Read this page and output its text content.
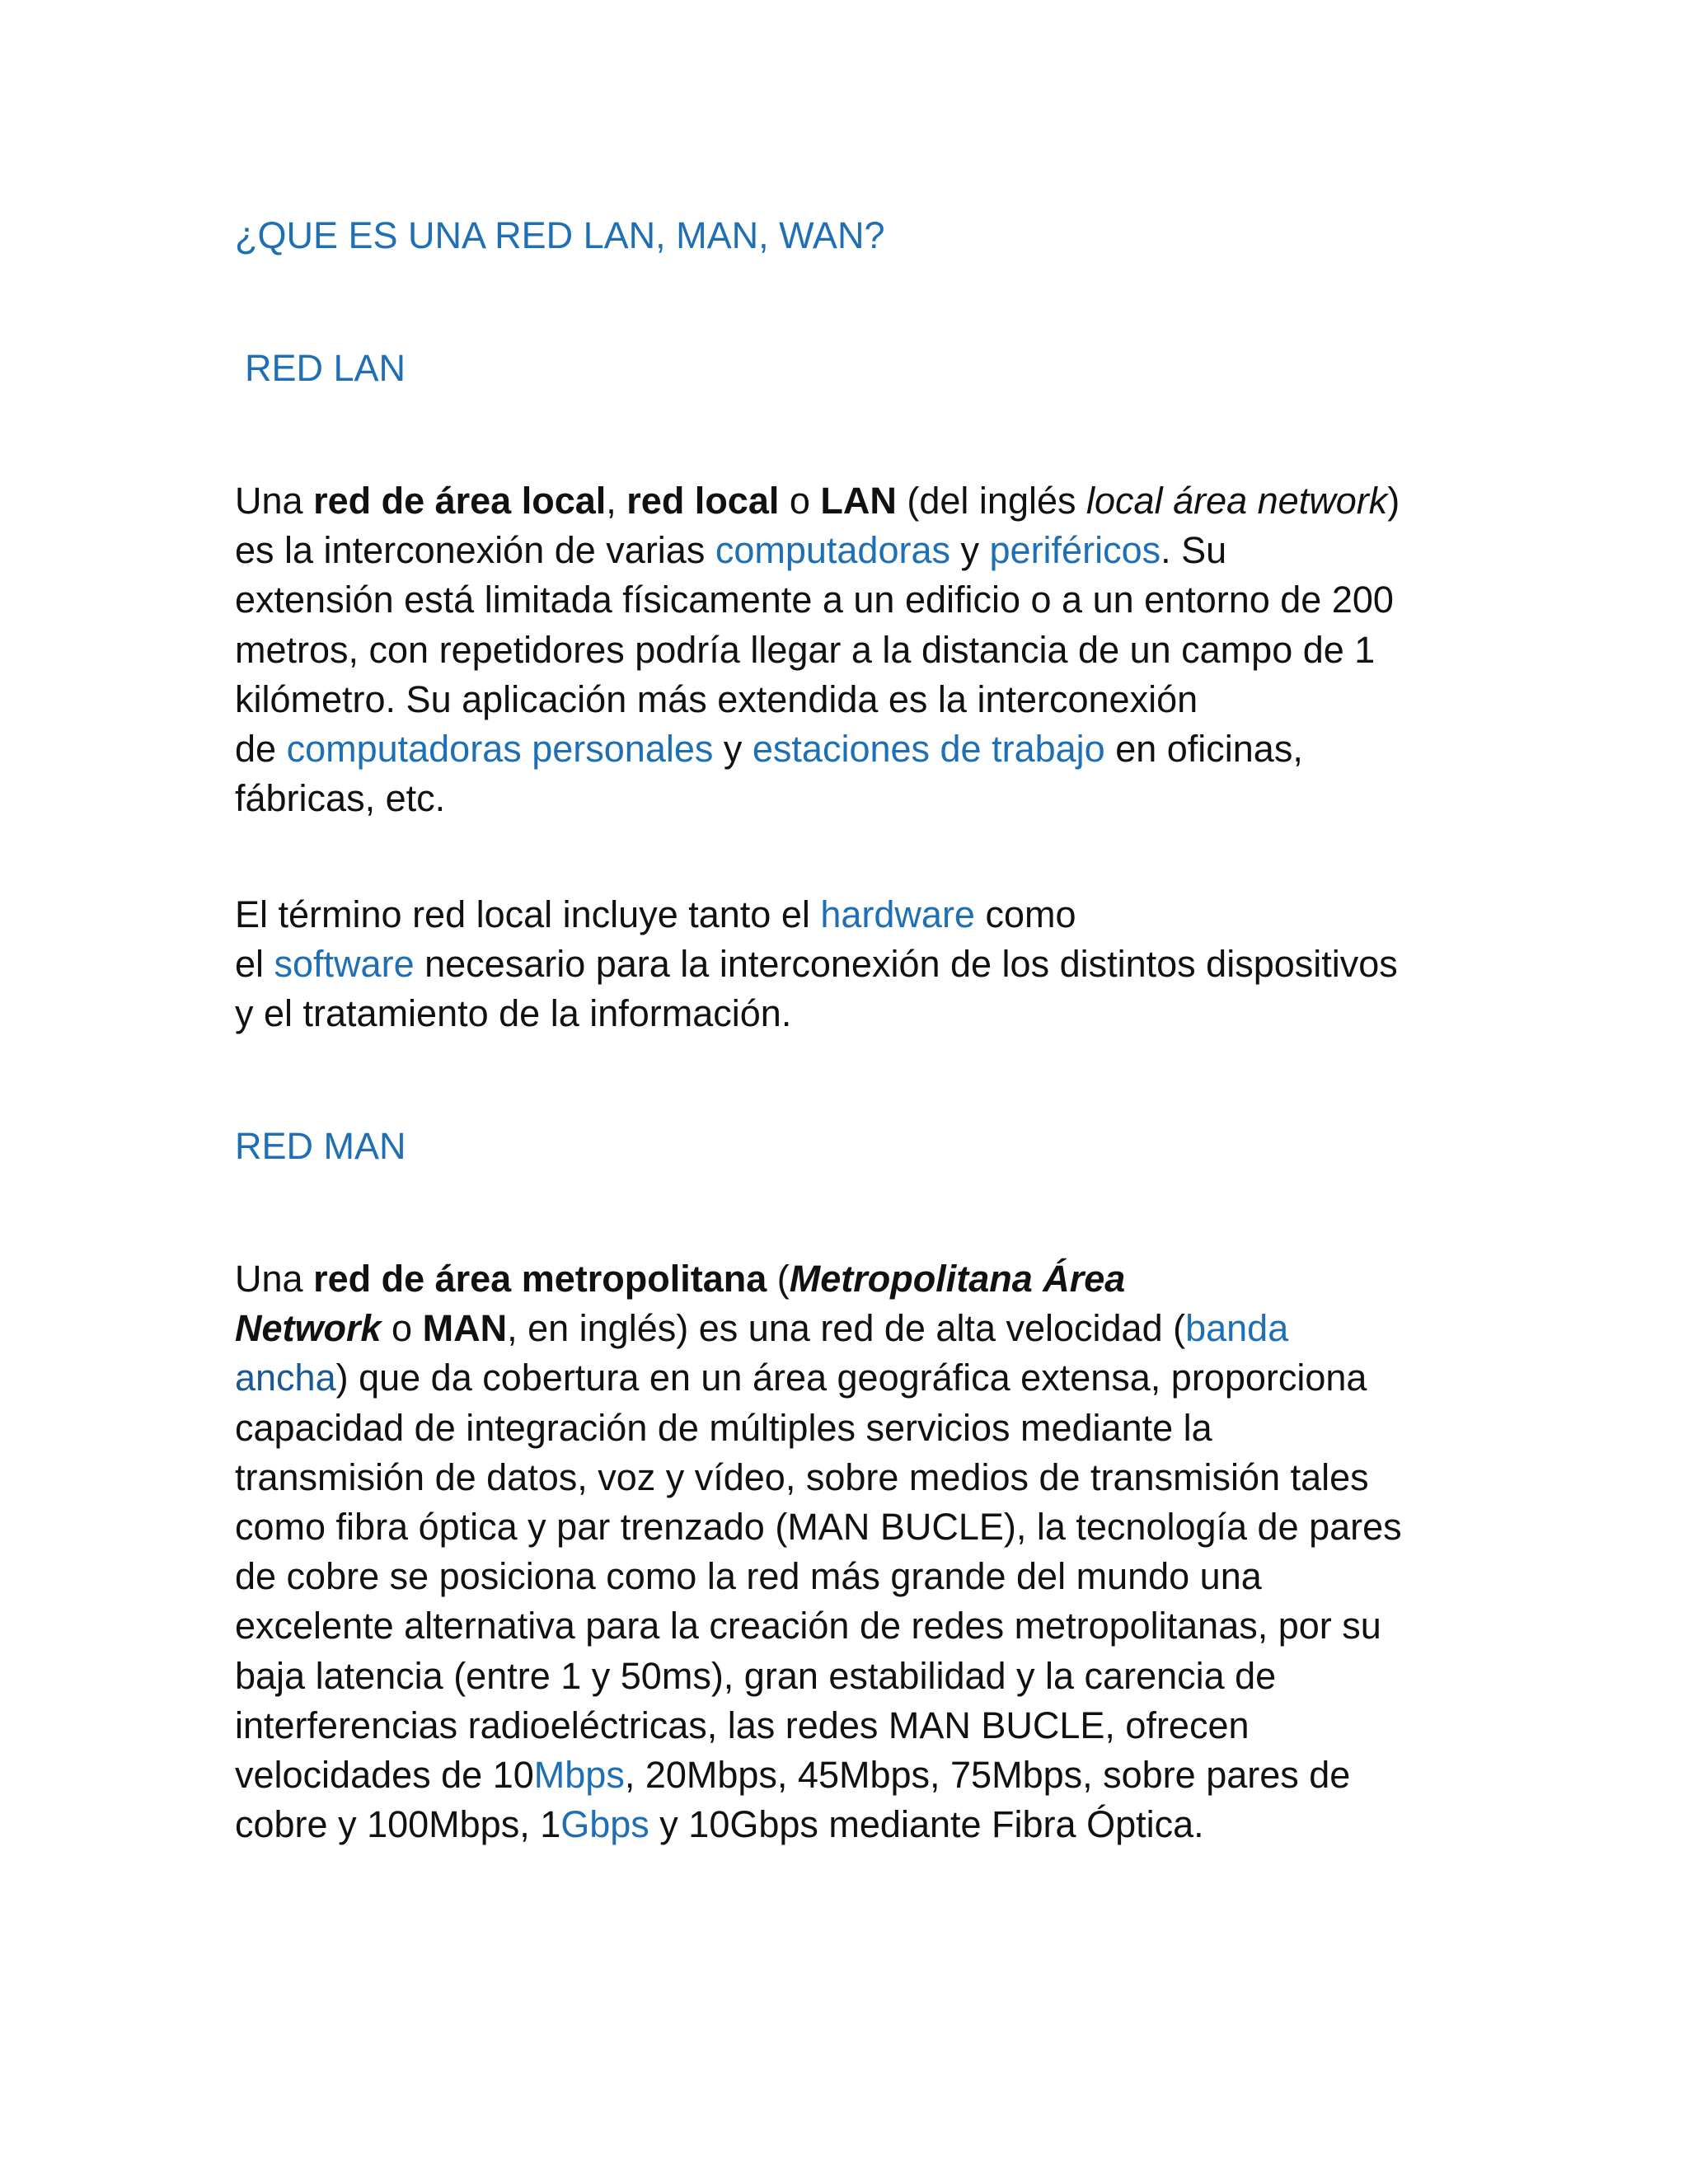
¿QUE ES UNA RED LAN, MAN, WAN?
RED LAN

Una red de área local, red local o LAN (del inglés local área network)
es la interconexión de varias computadoras y periféricos. Su
extensión está limitada físicamente a un edificio o a un entorno de 200
metros, con repetidores podría llegar a la distancia de un campo de 1
kilómetro. Su aplicación más extendida es la interconexión
de computadoras personales y estaciones de trabajo en oficinas,
fábricas, etc.

El término red local incluye tanto el hardware como
el software necesario para la interconexión de los distintos dispositivos
y el tratamiento de la información.

RED MAN

Una red de área metropolitana (Metropolitana Área
Network o MAN, en inglés) es una red de alta velocidad (banda
ancha) que da cobertura en un área geográfica extensa, proporciona
capacidad de integración de múltiples servicios mediante la
transmisión de datos, voz y vídeo, sobre medios de transmisión tales
como fibra óptica y par trenzado (MAN BUCLE), la tecnología de pares
de cobre se posiciona como la red más grande del mundo una
excelente alternativa para la creación de redes metropolitanas, por su
baja latencia (entre 1 y 50ms), gran estabilidad y la carencia de
interferencias radioeléctricas, las redes MAN BUCLE, ofrecen
velocidades de 10Mbps, 20Mbps, 45Mbps, 75Mbps, sobre pares de
cobre y 100Mbps, 1Gbps y 10Gbps mediante Fibra Óptica.
